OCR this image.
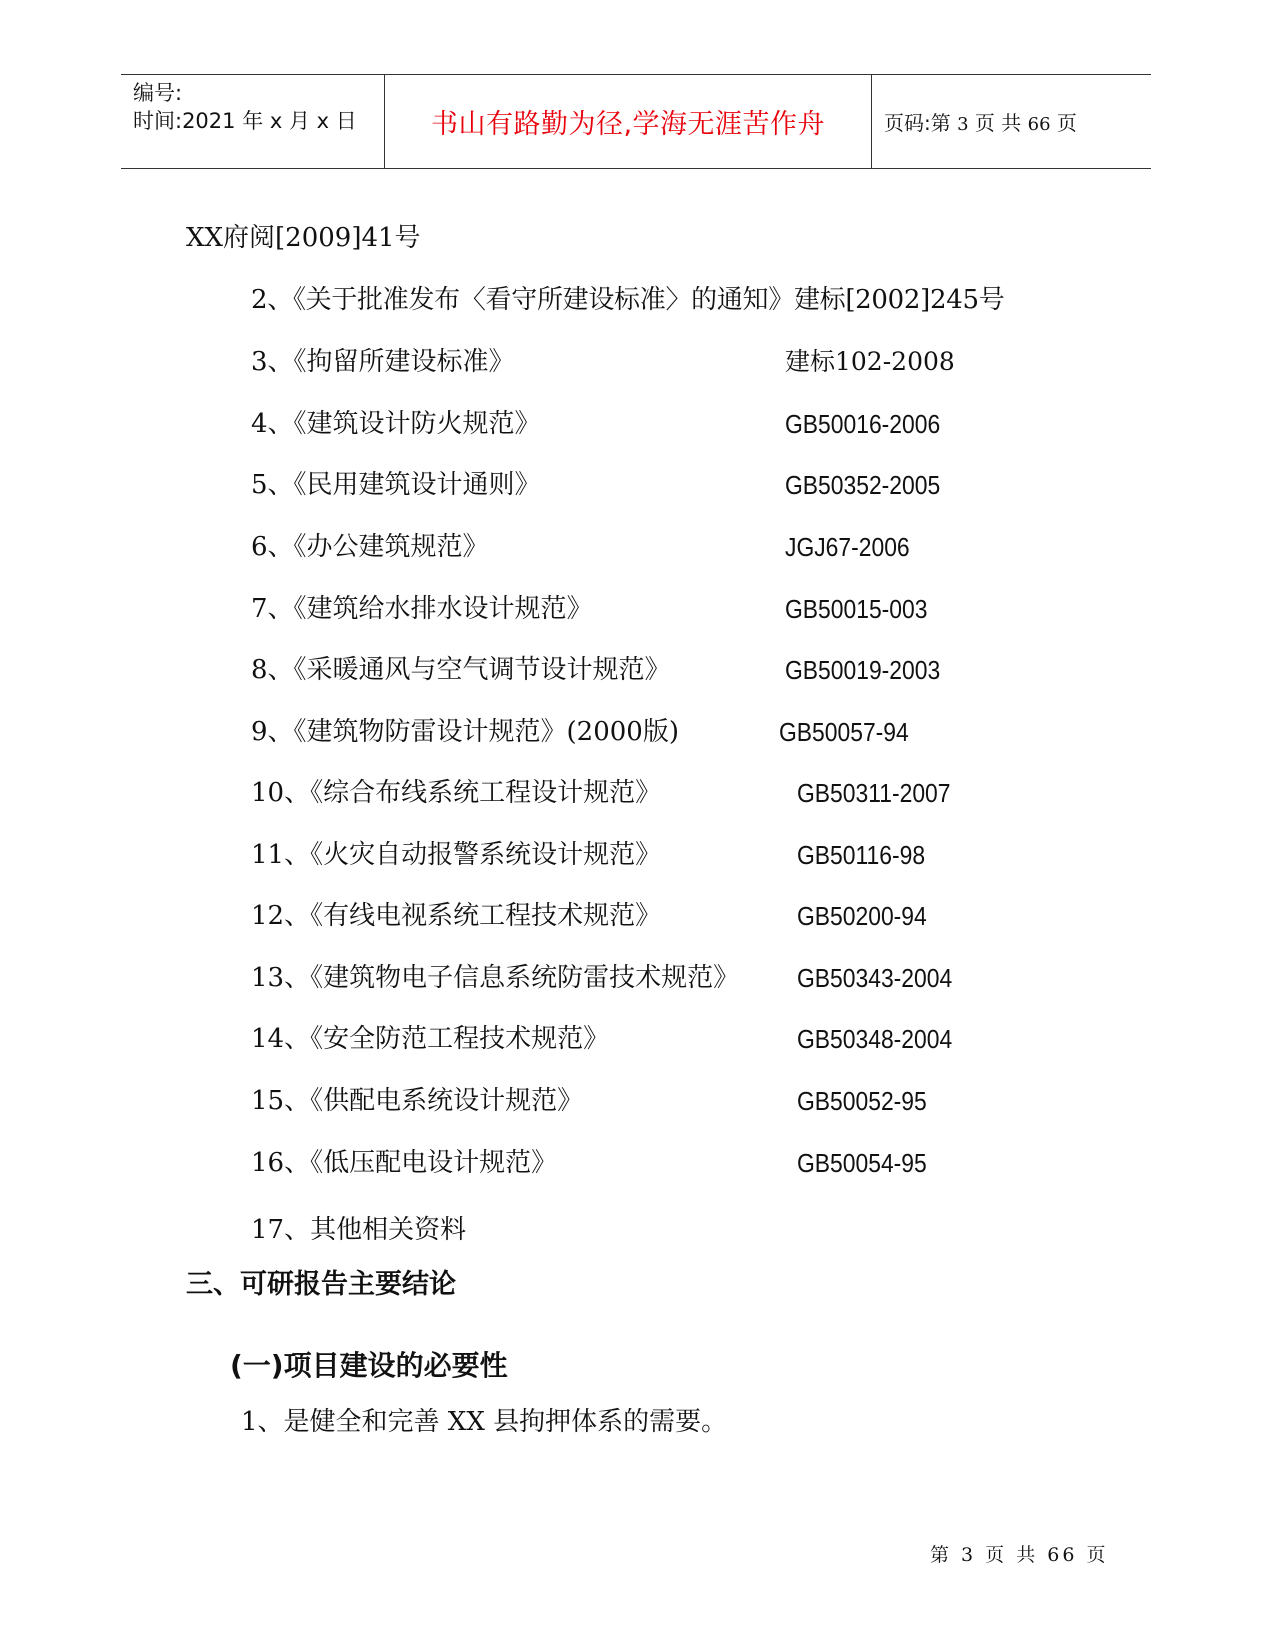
编号:
时间:2021 年 x 月 x 日	书山有路勤为径,学海无涯苦作舟	页码:第 3 页 共 66 页
XX府阅[2009]41号
2、《关于批准发布〈看守所建设标准〉的通知》建标[2002]245号
3、《拘留所建设标准》	建标102-2008
4、《建筑设计防火规范》	GB50016-2006
5、《民用建筑设计通则》	GB50352-2005
6、《办公建筑规范》	JGJ67-2006
7、《建筑给水排水设计规范》	GB50015-003
8、《采暖通风与空气调节设计规范》	GB50019-2003
9、《建筑物防雷设计规范》(2000版)	GB50057-94
10、《综合布线系统工程设计规范》	GB50311-2007
11、《火灾自动报警系统设计规范》	GB50116-98
12、《有线电视系统工程技术规范》	GB50200-94
13、《建筑物电子信息系统防雷技术规范》 GB50343-2004
14、《安全防范工程技术规范》	GB50348-2004
15、《供配电系统设计规范》	GB50052-95
16、《低压配电设计规范》	GB50054-95
17、其他相关资料
三、可研报告主要结论
(一)项目建设的必要性
1、是健全和完善 XX 县拘押体系的需要。
第 3 页 共 66 页
